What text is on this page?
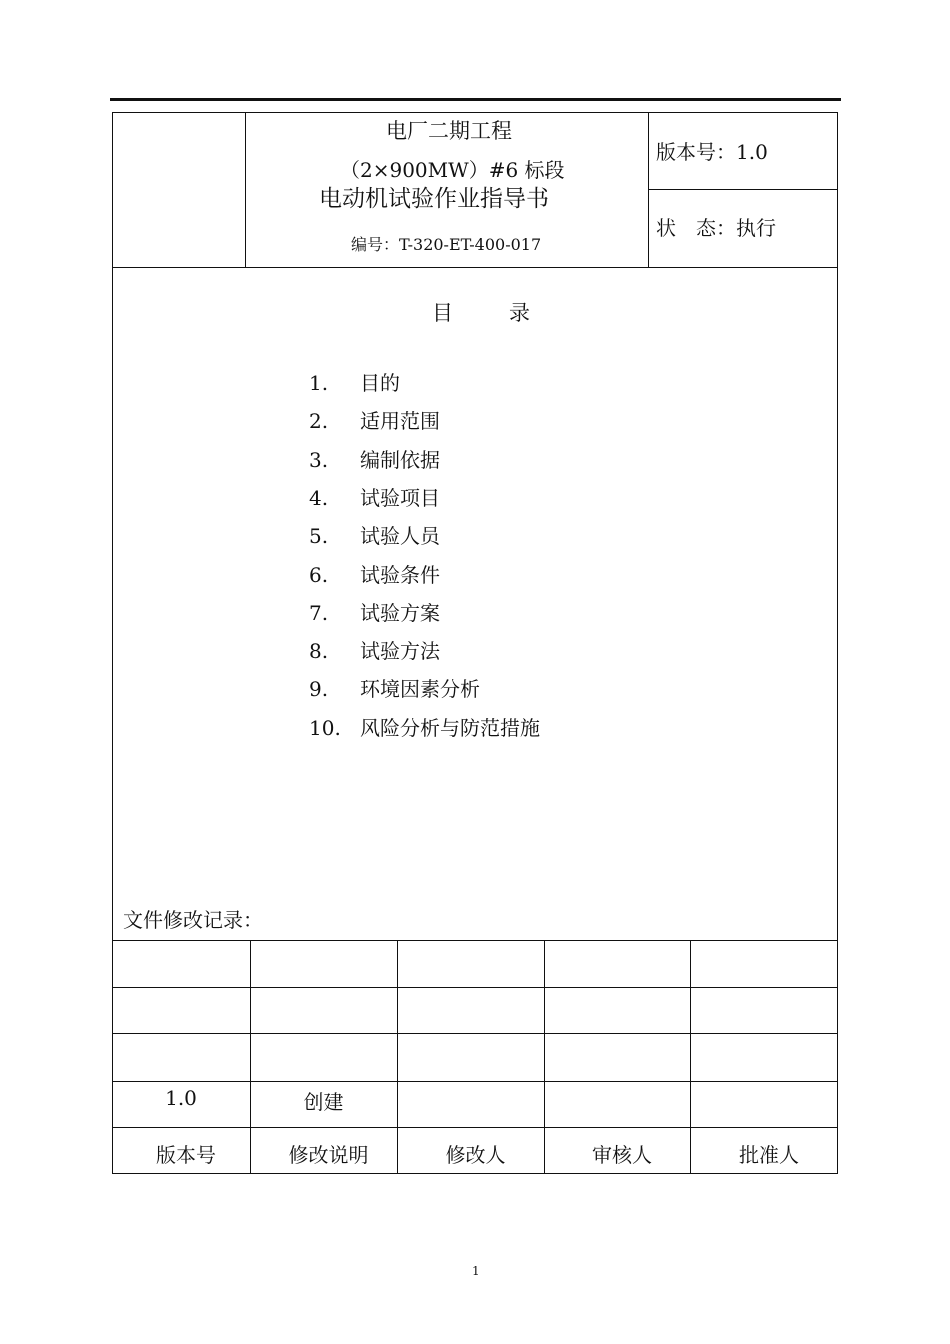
电厂二期工程
（2×900MW）#6 标段
电动机试验作业指导书
编号：T-320-ET-400-017
版本号：1.0
状　态：执行
目	录
1. 目的
2. 适用范围
3. 编制依据
4. 试验项目
5. 试验人员
6. 试验条件
7. 试验方案
8. 试验方法
9. 环境因素分析
10. 风险分析与防范措施
文件修改记录：
1.0	创建
版本号	修改说明	修改人	审核人	批准人
1
